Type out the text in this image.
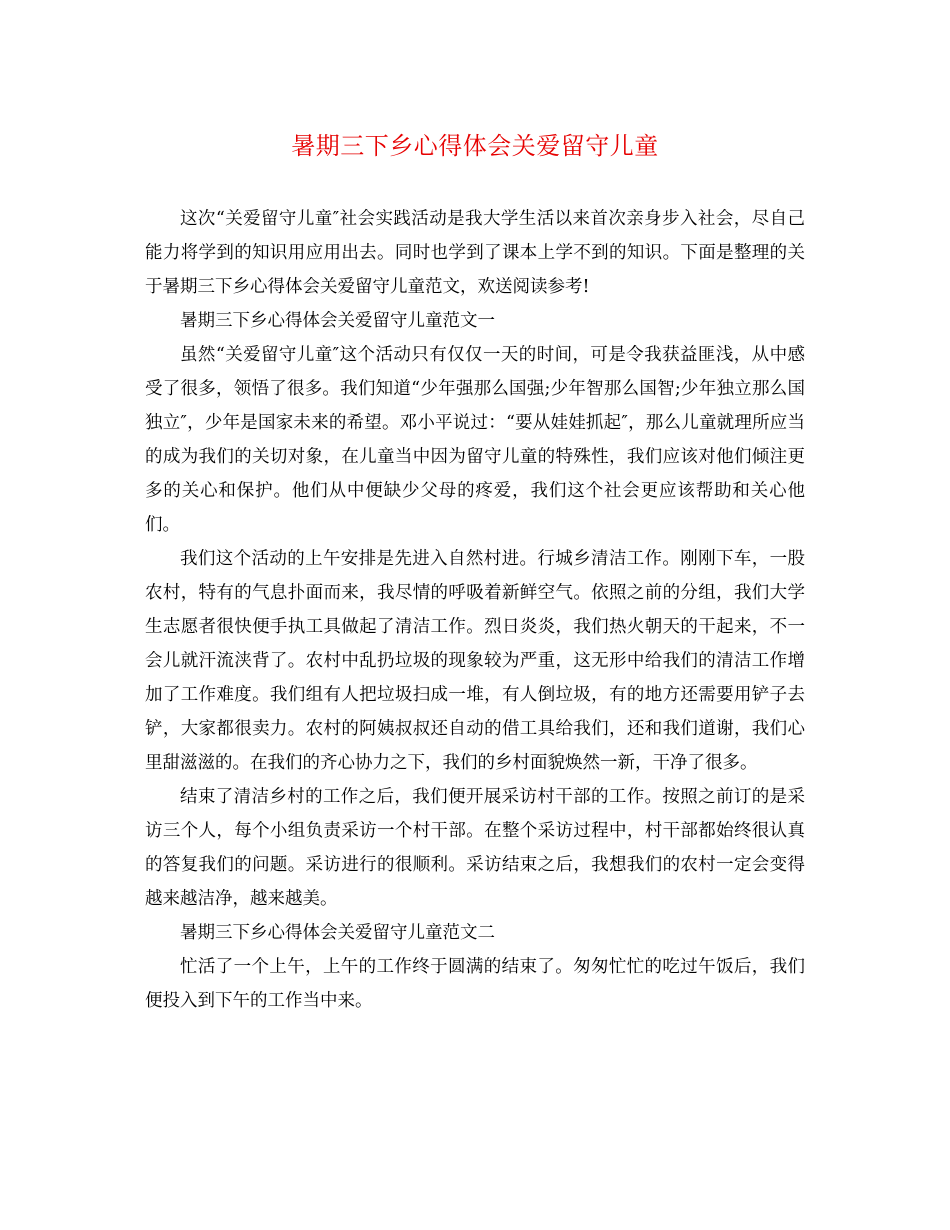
暑期三下乡心得体会关爱留守儿童

这次“关爱留守儿童″社会实践活动是我大学生活以来首次亲身步入社会，尽自己能力将学到的知识用应用出去。同时也学到了课本上学不到的知识。下面是整理的关于暑期三下乡心得体会关爱留守儿童范文，欢送阅读参考!

暑期三下乡心得体会关爱留守儿童范文一

虽然“关爱留守儿童″这个活动只有仅仅一天的时间，可是令我获益匪浅，从中感受了很多，领悟了很多。我们知道“少年强那么国强;少年智那么国智;少年独立那么国独立″，少年是国家未来的希望。邓小平说过：“要从娃娃抓起″，那么儿童就理所应当的成为我们的关切对象，在儿童当中因为留守儿童的特殊性，我们应该对他们倾注更多的关心和保护。他们从中便缺少父母的疼爱，我们这个社会更应该帮助和关心他们。

我们这个活动的上午安排是先进入自然村进。行城乡清洁工作。刚刚下车，一股农村，特有的气息扑面而来，我尽情的呼吸着新鲜空气。依照之前的分组，我们大学生志愿者很快便手执工具做起了清洁工作。烈日炎炎，我们热火朝天的干起来，不一会儿就汗流浃背了。农村中乱扔垃圾的现象较为严重，这无形中给我们的清洁工作增加了工作难度。我们组有人把垃圾扫成一堆，有人倒垃圾，有的地方还需要用铲子去铲，大家都很卖力。农村的阿姨叔叔还自动的借工具给我们，还和我们道谢，我们心里甜滋滋的。在我们的齐心协力之下，我们的乡村面貌焕然一新，干净了很多。

结束了清洁乡村的工作之后，我们便开展采访村干部的工作。按照之前订的是采访三个人，每个小组负责采访一个村干部。在整个采访过程中，村干部都始终很认真的答复我们的问题。采访进行的很顺利。采访结束之后，我想我们的农村一定会变得越来越洁净，越来越美。

暑期三下乡心得体会关爱留守儿童范文二

忙活了一个上午，上午的工作终于圆满的结束了。匆匆忙忙的吃过午饭后，我们便投入到下午的工作当中来。
